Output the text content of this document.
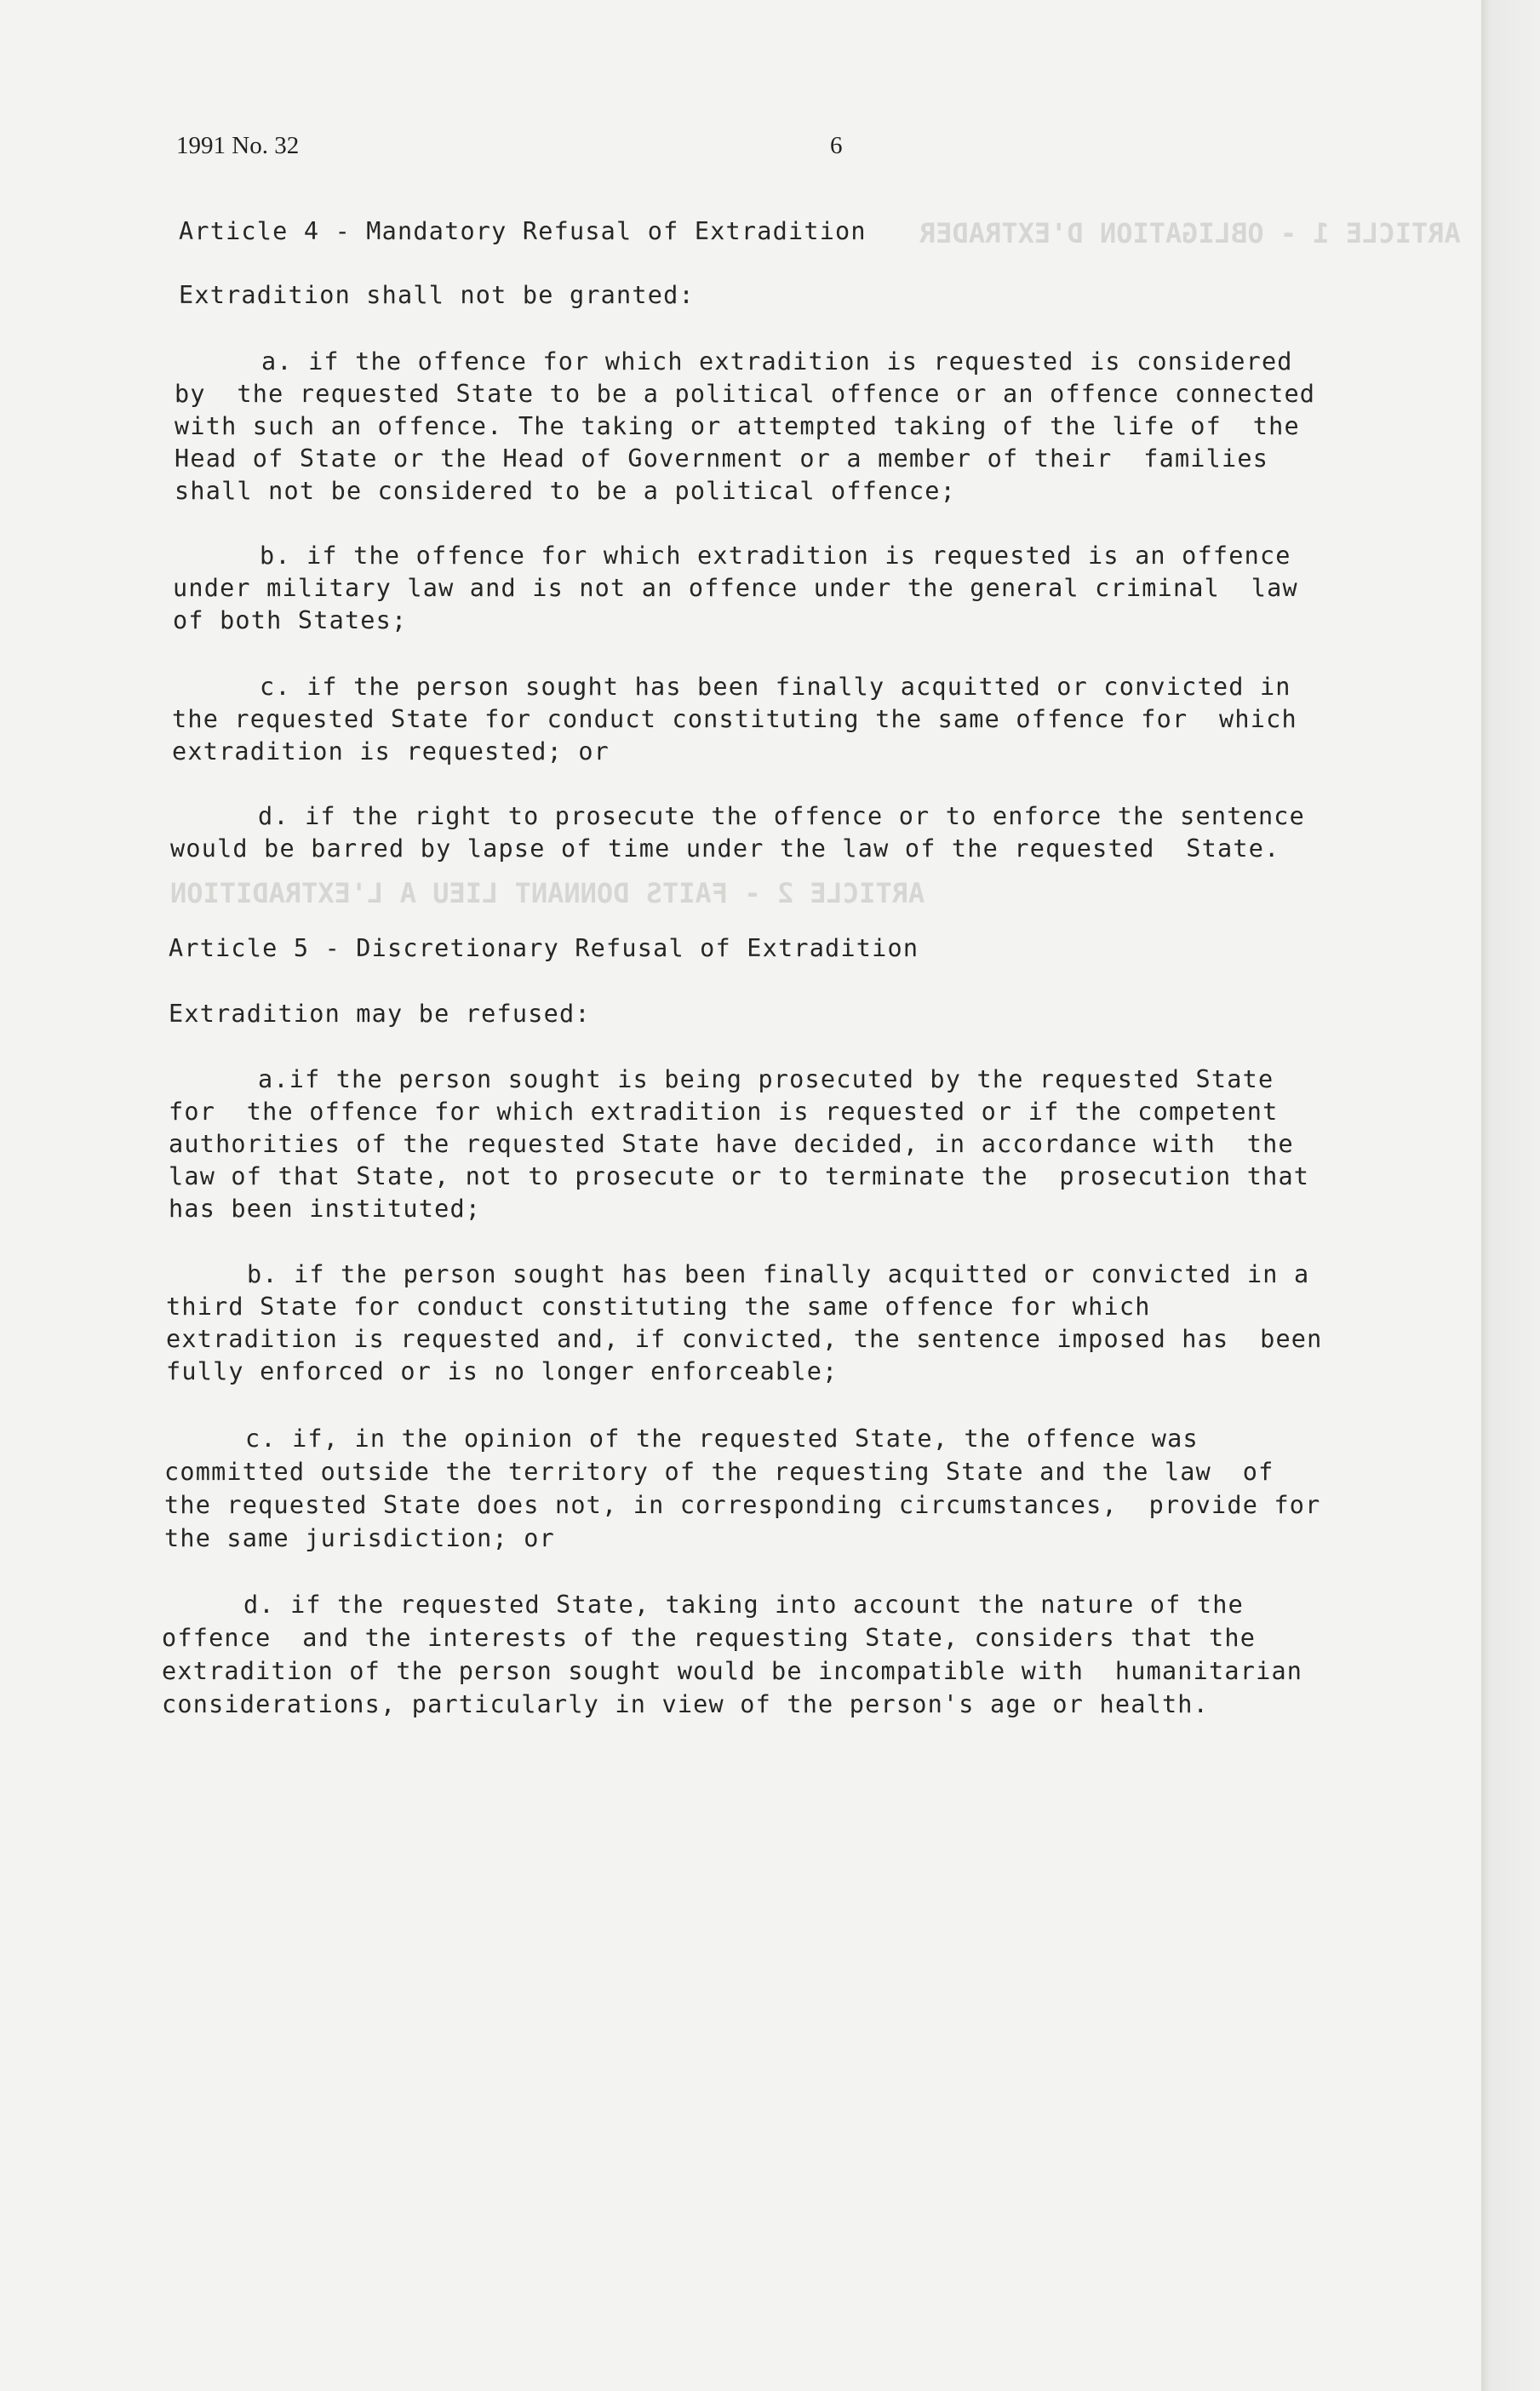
ARTICLE 1 - OBLIGATION D'EXTRADER
ARTICLE 2 - FAITS DONNANT LIEU A L'EXTRADITION
1991 No. 32	6
Article 4 - Mandatory Refusal of Extradition
Extradition shall not be granted:
a. if the offence for which extradition is requested is considered
by  the requested State to be a political offence or an offence connected
with such an offence. The taking or attempted taking of the life of  the
Head of State or the Head of Government or a member of their  families
shall not be considered to be a political offence;
b. if the offence for which extradition is requested is an offence
under military law and is not an offence under the general criminal  law
of both States;
c. if the person sought has been finally acquitted or convicted in
the requested State for conduct constituting the same offence for  which
extradition is requested; or
d. if the right to prosecute the offence or to enforce the sentence
would be barred by lapse of time under the law of the requested  State.
Article 5 - Discretionary Refusal of Extradition
Extradition may be refused:
a.if the person sought is being prosecuted by the requested State
for  the offence for which extradition is requested or if the competent
authorities of the requested State have decided, in accordance with  the
law of that State, not to prosecute or to terminate the  prosecution that
has been instituted;
b. if the person sought has been finally acquitted or convicted in a
third State for conduct constituting the same offence for which
extradition is requested and, if convicted, the sentence imposed has  been
fully enforced or is no longer enforceable;
c. if, in the opinion of the requested State, the offence was
committed outside the territory of the requesting State and the law  of
the requested State does not, in corresponding circumstances,  provide for
the same jurisdiction; or
d. if the requested State, taking into account the nature of the
offence  and the interests of the requesting State, considers that the
extradition of the person sought would be incompatible with  humanitarian
considerations, particularly in view of the person's age or health.
